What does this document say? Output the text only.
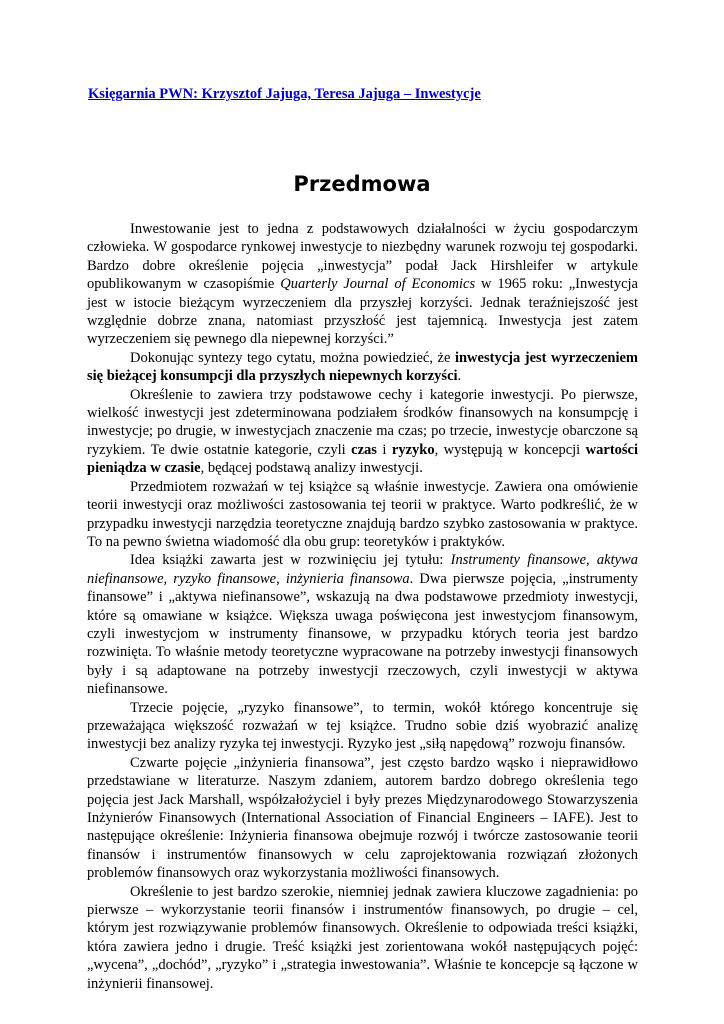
Księgarnia PWN: Krzysztof Jajuga, Teresa Jajuga – Inwestycje
Przedmowa

Inwestowanie jest to jedna z podstawowych działalności w życiu gospodarczym człowieka. W gospodarce rynkowej inwestycje to niezbędny warunek rozwoju tej gospodarki. Bardzo dobre określenie pojęcia „inwestycja” podał Jack Hirshleifer w artykule opublikowanym w czasopiśmie Quarterly Journal of Economics w 1965 roku: „Inwestycja jest w istocie bieżącym wyrzeczeniem dla przyszłej korzyści. Jednak teraźniejszość jest względnie dobrze znana, natomiast przyszłość jest tajemnicą. Inwestycja jest zatem wyrzeczeniem się pewnego dla niepewnej korzyści.”

Dokonując syntezy tego cytatu, można powiedzieć, że inwestycja jest wyrzeczeniem się bieżącej konsumpcji dla przyszłych niepewnych korzyści.

Określenie to zawiera trzy podstawowe cechy i kategorie inwestycji. Po pierwsze, wielkość inwestycji jest zdeterminowana podziałem środków finansowych na konsumpcję i inwestycje; po drugie, w inwestycjach znaczenie ma czas; po trzecie, inwestycje obarczone są ryzykiem. Te dwie ostatnie kategorie, czyli czas i ryzyko, występują w koncepcji wartości pieniądza w czasie, będącej podstawą analizy inwestycji.

Przedmiotem rozważań w tej książce są właśnie inwestycje. Zawiera ona omówienie teorii inwestycji oraz możliwości zastosowania tej teorii w praktyce. Warto podkreślić, że w przypadku inwestycji narzędzia teoretyczne znajdują bardzo szybko zastosowania w praktyce. To na pewno świetna wiadomość dla obu grup: teoretyków i praktyków.

Idea książki zawarta jest w rozwinięciu jej tytułu: Instrumenty finansowe, aktywa niefinansowe, ryzyko finansowe, inżynieria finansowa. Dwa pierwsze pojęcia, „instrumenty finansowe” i „aktywa niefinansowe”, wskazują na dwa podstawowe przedmioty inwestycji, które są omawiane w książce. Większa uwaga poświęcona jest inwestycjom finansowym, czyli inwestycjom w instrumenty finansowe, w przypadku których teoria jest bardzo rozwinięta. To właśnie metody teoretyczne wypracowane na potrzeby inwestycji finansowych były i są adaptowane na potrzeby inwestycji rzeczowych, czyli inwestycji w aktywa niefinansowe.

Trzecie pojęcie, „ryzyko finansowe”, to termin, wokół którego koncentruje się przeważająca większość rozważań w tej książce. Trudno sobie dziś wyobrazić analizę inwestycji bez analizy ryzyka tej inwestycji. Ryzyko jest „siłą napędową” rozwoju finansów.

Czwarte pojęcie „inżynieria finansowa”, jest często bardzo wąsko i nieprawidłowo przedstawiane w literaturze. Naszym zdaniem, autorem bardzo dobrego określenia tego pojęcia jest Jack Marshall, współzałożyciel i były prezes Międzynarodowego Stowarzyszenia Inżynierów Finansowych (International Association of Financial Engineers – IAFE). Jest to następujące określenie: Inżynieria finansowa obejmuje rozwój i twórcze zastosowanie teorii finansów i instrumentów finansowych w celu zaprojektowania rozwiązań złożonych problemów finansowych oraz wykorzystania możliwości finansowych.

Określenie to jest bardzo szerokie, niemniej jednak zawiera kluczowe zagadnienia: po pierwsze – wykorzystanie teorii finansów i instrumentów finansowych, po drugie – cel, którym jest rozwiązywanie problemów finansowych. Określenie to odpowiada treści książki, która zawiera jedno i drugie. Treść książki jest zorientowana wokół następujących pojęć: „wycena”, „dochód”, „ryzyko” i „strategia inwestowania”. Właśnie te koncepcje są łączone w inżynierii finansowej.
